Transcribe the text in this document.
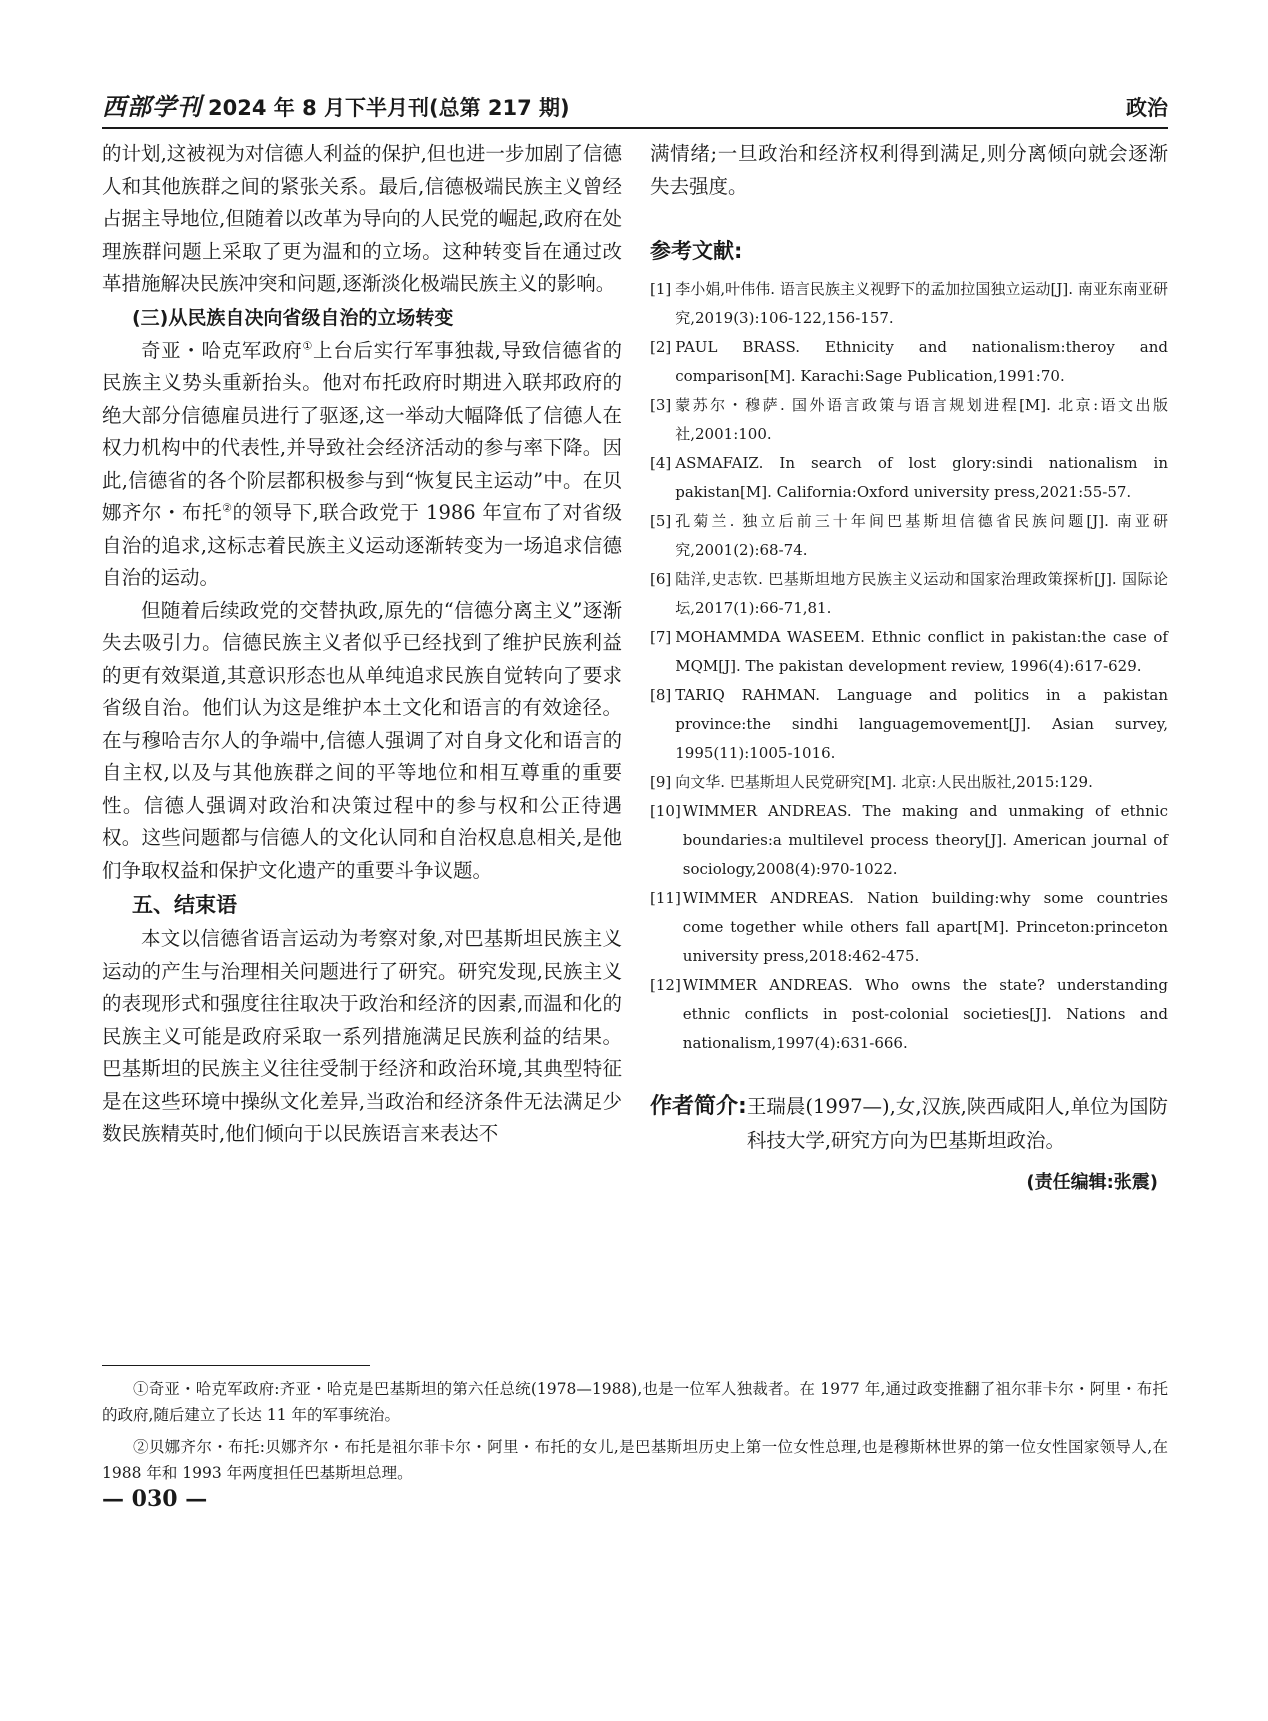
西部学刊 2024 年 8 月下半月刊(总第 217 期)	政治

的计划,这被视为对信德人利益的保护,但也进一步加剧了信德人和其他族群之间的紧张关系。最后,信德极端民族主义曾经占据主导地位,但随着以改革为导向的人民党的崛起,政府在处理族群问题上采取了更为温和的立场。这种转变旨在通过改革措施解决民族冲突和问题,逐渐淡化极端民族主义的影响。

(三)从民族自决向省级自治的立场转变

奇亚・哈克军政府①上台后实行军事独裁,导致信德省的民族主义势头重新抬头。他对布托政府时期进入联邦政府的绝大部分信德雇员进行了驱逐,这一举动大幅降低了信德人在权力机构中的代表性,并导致社会经济活动的参与率下降。因此,信德省的各个阶层都积极参与到“恢复民主运动”中。在贝娜齐尔・布托②的领导下,联合政党于 1986 年宣布了对省级自治的追求,这标志着民族主义运动逐渐转变为一场追求信德自治的运动。

但随着后续政党的交替执政,原先的“信德分离主义”逐渐失去吸引力。信德民族主义者似乎已经找到了维护民族利益的更有效渠道,其意识形态也从单纯追求民族自觉转向了要求省级自治。他们认为这是维护本土文化和语言的有效途径。在与穆哈吉尔人的争端中,信德人强调了对自身文化和语言的自主权,以及与其他族群之间的平等地位和相互尊重的重要性。信德人强调对政治和决策过程中的参与权和公正待遇权。这些问题都与信德人的文化认同和自治权息息相关,是他们争取权益和保护文化遗产的重要斗争议题。

五、结束语

本文以信德省语言运动为考察对象,对巴基斯坦民族主义运动的产生与治理相关问题进行了研究。研究发现,民族主义的表现形式和强度往往取决于政治和经济的因素,而温和化的民族主义可能是政府采取一系列措施满足民族利益的结果。巴基斯坦的民族主义往往受制于经济和政治环境,其典型特征是在这些环境中操纵文化差异,当政治和经济条件无法满足少数民族精英时,他们倾向于以民族语言来表达不

满情绪;一旦政治和经济权利得到满足,则分离倾向就会逐渐失去强度。

参考文献:

[1] 李小娟,叶伟伟. 语言民族主义视野下的孟加拉国独立运动[J]. 南亚东南亚研究,2019(3):106-122,156-157.
[2] PAUL BRASS. Ethnicity and nationalism:theroy and comparison[M]. Karachi:Sage Publication,1991:70.
[3] 蒙苏尔・穆萨. 国外语言政策与语言规划进程[M]. 北京:语文出版社,2001:100.
[4] ASMAFAIZ. In search of lost glory:sindi nationalism in pakistan[M]. California:Oxford university press,2021:55-57.
[5] 孔菊兰. 独立后前三十年间巴基斯坦信德省民族问题[J]. 南亚研究,2001(2):68-74.
[6] 陆洋,史志钦. 巴基斯坦地方民族主义运动和国家治理政策探析[J]. 国际论坛,2017(1):66-71,81.
[7] MOHAMMDA WASEEM. Ethnic conflict in pakistan:the case of MQM[J]. The pakistan development review, 1996(4):617-629.
[8] TARIQ RAHMAN. Language and politics in a pakistan province:the sindhi languagemovement[J]. Asian survey, 1995(11):1005-1016.
[9] 向文华. 巴基斯坦人民党研究[M]. 北京:人民出版社,2015:129.
[10] WIMMER ANDREAS. The making and unmaking of ethnic boundaries:a multilevel process theory[J]. American journal of sociology,2008(4):970-1022.
[11] WIMMER ANDREAS. Nation building:why some countries come together while others fall apart[M]. Princeton:princeton university press,2018:462-475.
[12] WIMMER ANDREAS. Who owns the state? understanding ethnic conflicts in post-colonial societies[J]. Nations and nationalism,1997(4):631-666.
作者简介: 王瑞晨(1997—),女,汉族,陕西咸阳人,单位为国防科技大学,研究方向为巴基斯坦政治。
(责任编辑:张震)

①奇亚・哈克军政府:齐亚・哈克是巴基斯坦的第六任总统(1978—1988),也是一位军人独裁者。在 1977 年,通过政变推翻了祖尔菲卡尔・阿里・布托的政府,随后建立了长达 11 年的军事统治。

②贝娜齐尔・布托:贝娜齐尔・布托是祖尔菲卡尔・阿里・布托的女儿,是巴基斯坦历史上第一位女性总理,也是穆斯林世界的第一位女性国家领导人,在 1988 年和 1993 年两度担任巴基斯坦总理。

— 030 —
